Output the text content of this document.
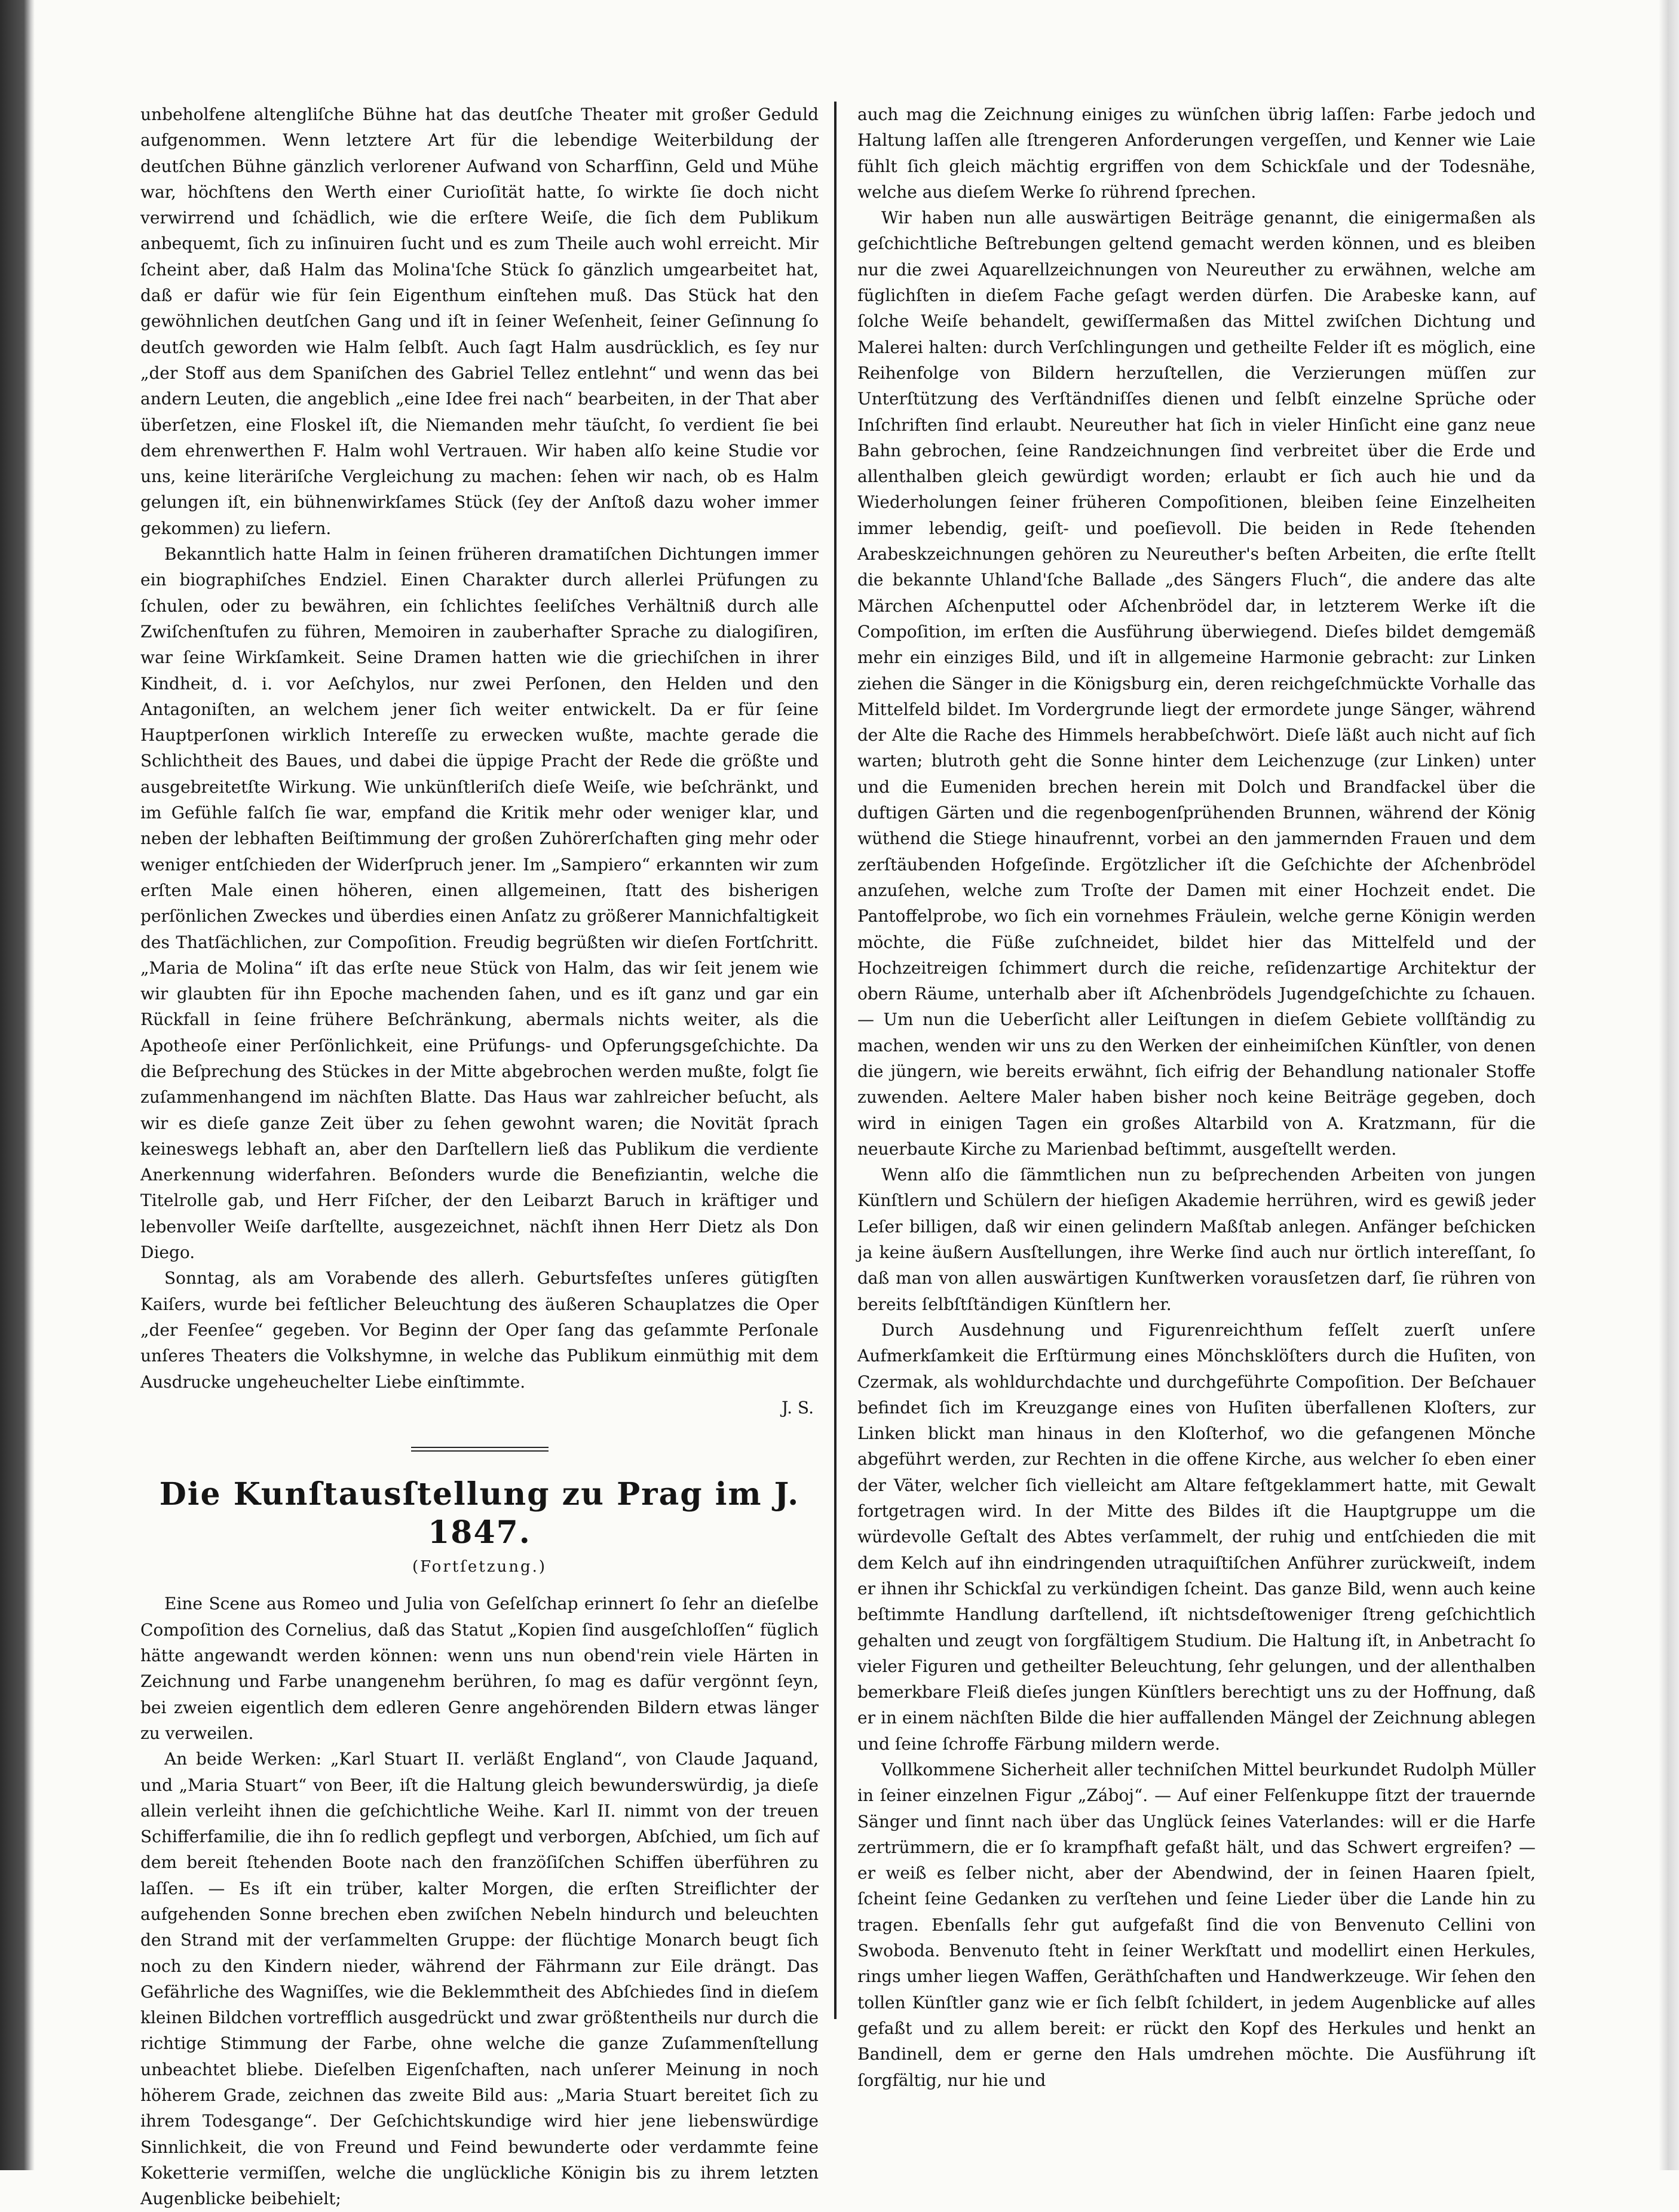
unbeholfene altengliſche Bühne hat das deutſche Theater mit großer Geduld aufgenommen. Wenn letztere Art für die lebendige Weiterbildung der deutſchen Bühne gänzlich verlorener Aufwand von Scharfſinn, Geld und Mühe war, höchſtens den Werth einer Curioſität hatte, ſo wirkte ſie doch nicht verwirrend und ſchädlich, wie die erſtere Weiſe, die ſich dem Publikum anbequemt, ſich zu inſinuiren ſucht und es zum Theile auch wohl erreicht. Mir ſcheint aber, daß Halm das Molina'ſche Stück ſo gänzlich umgearbeitet hat, daß er dafür wie für ſein Eigenthum einſtehen muß. Das Stück hat den gewöhnlichen deutſchen Gang und iſt in ſeiner Weſenheit, ſeiner Geſinnung ſo deutſch geworden wie Halm ſelbſt. Auch ſagt Halm ausdrücklich, es ſey nur „der Stoff aus dem Spaniſchen des Gabriel Tellez entlehnt“ und wenn das bei andern Leuten, die angeblich „eine Idee frei nach“ bearbeiten, in der That aber überſetzen, eine Floskel iſt, die Niemanden mehr täuſcht, ſo verdient ſie bei dem ehrenwerthen F. Halm wohl Vertrauen. Wir haben alſo keine Studie vor uns, keine literäriſche Vergleichung zu machen: ſehen wir nach, ob es Halm gelungen iſt, ein bühnenwirkſames Stück (ſey der Anſtoß dazu woher immer gekommen) zu liefern.

Bekanntlich hatte Halm in ſeinen früheren dramatiſchen Dichtungen immer ein biographiſches Endziel. Einen Charakter durch allerlei Prüfungen zu ſchulen, oder zu bewähren, ein ſchlichtes ſeeliſches Verhältniß durch alle Zwiſchenſtufen zu führen, Memoiren in zauberhafter Sprache zu dialogiſiren, war ſeine Wirkſamkeit. Seine Dramen hatten wie die griechiſchen in ihrer Kindheit, d. i. vor Aeſchylos, nur zwei Perſonen, den Helden und den Antagoniſten, an welchem jener ſich weiter entwickelt. Da er für ſeine Hauptperſonen wirklich Intereſſe zu erwecken wußte, machte gerade die Schlichtheit des Baues, und dabei die üppige Pracht der Rede die größte und ausgebreitetſte Wirkung. Wie unkünſtleriſch dieſe Weiſe, wie beſchränkt, und im Gefühle falſch ſie war, empfand die Kritik mehr oder weniger klar, und neben der lebhaften Beiſtimmung der großen Zuhörerſchaften ging mehr oder weniger entſchieden der Widerſpruch jener. Im „Sampiero“ erkannten wir zum erſten Male einen höheren, einen allgemeinen, ſtatt des bisherigen perſönlichen Zweckes und überdies einen Anſatz zu größerer Mannichfaltigkeit des Thatſächlichen, zur Compoſition. Freudig begrüßten wir dieſen Fortſchritt. „Maria de Molina“ iſt das erſte neue Stück von Halm, das wir ſeit jenem wie wir glaubten für ihn Epoche machenden ſahen, und es iſt ganz und gar ein Rückfall in ſeine frühere Beſchränkung, abermals nichts weiter, als die Apotheoſe einer Perſönlichkeit, eine Prüfungs- und Opferungsgeſchichte. Da die Beſprechung des Stückes in der Mitte abgebrochen werden mußte, folgt ſie zuſammenhangend im nächſten Blatte. Das Haus war zahlreicher beſucht, als wir es dieſe ganze Zeit über zu ſehen gewohnt waren; die Novität ſprach keineswegs lebhaft an, aber den Darſtellern ließ das Publikum die verdiente Anerkennung widerfahren. Beſonders wurde die Benefiziantin, welche die Titelrolle gab, und Herr Fiſcher, der den Leibarzt Baruch in kräftiger und lebenvoller Weiſe darſtellte, ausgezeichnet, nächſt ihnen Herr Dietz als Don Diego.

Sonntag, als am Vorabende des allerh. Geburtsfeſtes unſeres gütigſten Kaiſers, wurde bei feſtlicher Beleuchtung des äußeren Schauplatzes die Oper „der Feenſee“ gegeben. Vor Beginn der Oper ſang das geſammte Perſonale unſeres Theaters die Volkshymne, in welche das Publikum einmüthig mit dem Ausdrucke ungeheuchelter Liebe einſtimmte.

J. S.

Die Kunſtausſtellung zu Prag im J. 1847.
(Fortſetzung.)

Eine Scene aus Romeo und Julia von Geſelſchap erinnert ſo ſehr an dieſelbe Compoſition des Cornelius, daß das Statut „Kopien ſind ausgeſchloſſen“ füglich hätte angewandt werden können: wenn uns nun obend'rein viele Härten in Zeichnung und Farbe unangenehm berühren, ſo mag es dafür vergönnt ſeyn, bei zweien eigentlich dem edleren Genre angehörenden Bildern etwas länger zu verweilen.

An beide Werken: „Karl Stuart II. verläßt England“, von Claude Jaquand, und „Maria Stuart“ von Beer, iſt die Haltung gleich bewunderswürdig, ja dieſe allein verleiht ihnen die geſchichtliche Weihe. Karl II. nimmt von der treuen Schifferfamilie, die ihn ſo redlich gepflegt und verborgen, Abſchied, um ſich auf dem bereit ſtehenden Boote nach den franzöſiſchen Schiffen überführen zu laſſen. — Es iſt ein trüber, kalter Morgen, die erſten Streiflichter der aufgehenden Sonne brechen eben zwiſchen Nebeln hindurch und beleuchten den Strand mit der verſammelten Gruppe: der flüchtige Monarch beugt ſich noch zu den Kindern nieder, während der Fährmann zur Eile drängt. Das Gefährliche des Wagniſſes, wie die Beklemmtheit des Abſchiedes ſind in dieſem kleinen Bildchen vortrefflich ausgedrückt und zwar größtentheils nur durch die richtige Stimmung der Farbe, ohne welche die ganze Zuſammenſtellung unbeachtet bliebe. Dieſelben Eigenſchaften, nach unſerer Meinung in noch höherem Grade, zeichnen das zweite Bild aus: „Maria Stuart bereitet ſich zu ihrem Todesgange“. Der Geſchichtskundige wird hier jene liebenswürdige Sinnlichkeit, die von Freund und Feind bewunderte oder verdammte feine Koketterie vermiſſen, welche die unglückliche Königin bis zu ihrem letzten Augenblicke beibehielt;

auch mag die Zeichnung einiges zu wünſchen übrig laſſen: Farbe jedoch und Haltung laſſen alle ſtrengeren Anforderungen vergeſſen, und Kenner wie Laie fühlt ſich gleich mächtig ergriffen von dem Schickſale und der Todesnähe, welche aus dieſem Werke ſo rührend ſprechen.

Wir haben nun alle auswärtigen Beiträge genannt, die einigermaßen als geſchichtliche Beſtrebungen geltend gemacht werden können, und es bleiben nur die zwei Aquarellzeichnungen von Neureuther zu erwähnen, welche am füglichſten in dieſem Fache geſagt werden dürfen. Die Arabeske kann, auf ſolche Weiſe behandelt, gewiſſermaßen das Mittel zwiſchen Dichtung und Malerei halten: durch Verſchlingungen und getheilte Felder iſt es möglich, eine Reihenfolge von Bildern herzuſtellen, die Verzierungen müſſen zur Unterſtützung des Verſtändniſſes dienen und ſelbſt einzelne Sprüche oder Inſchriften ſind erlaubt. Neureuther hat ſich in vieler Hinſicht eine ganz neue Bahn gebrochen, ſeine Randzeichnungen ſind verbreitet über die Erde und allenthalben gleich gewürdigt worden; erlaubt er ſich auch hie und da Wiederholungen ſeiner früheren Compoſitionen, bleiben ſeine Einzelheiten immer lebendig, geiſt- und poeſievoll. Die beiden in Rede ſtehenden Arabeskzeichnungen gehören zu Neureuther's beſten Arbeiten, die erſte ſtellt die bekannte Uhland'ſche Ballade „des Sängers Fluch“, die andere das alte Märchen Aſchenputtel oder Aſchenbrödel dar, in letzterem Werke iſt die Compoſition, im erſten die Ausführung überwiegend. Dieſes bildet demgemäß mehr ein einziges Bild, und iſt in allgemeine Harmonie gebracht: zur Linken ziehen die Sänger in die Königsburg ein, deren reichgeſchmückte Vorhalle das Mittelfeld bildet. Im Vordergrunde liegt der ermordete junge Sänger, während der Alte die Rache des Himmels herabbeſchwört. Dieſe läßt auch nicht auf ſich warten; blutroth geht die Sonne hinter dem Leichenzuge (zur Linken) unter und die Eumeniden brechen herein mit Dolch und Brandfackel über die duftigen Gärten und die regenbogenſprühenden Brunnen, während der König wüthend die Stiege hinaufrennt, vorbei an den jammernden Frauen und dem zerſtäubenden Hofgeſinde. Ergötzlicher iſt die Geſchichte der Aſchenbrödel anzuſehen, welche zum Troſte der Damen mit einer Hochzeit endet. Die Pantoffelprobe, wo ſich ein vornehmes Fräulein, welche gerne Königin werden möchte, die Füße zuſchneidet, bildet hier das Mittelfeld und der Hochzeitreigen ſchimmert durch die reiche, reſidenzartige Architektur der obern Räume, unterhalb aber iſt Aſchenbrödels Jugendgeſchichte zu ſchauen. — Um nun die Ueberſicht aller Leiſtungen in dieſem Gebiete vollſtändig zu machen, wenden wir uns zu den Werken der einheimiſchen Künſtler, von denen die jüngern, wie bereits erwähnt, ſich eifrig der Behandlung nationaler Stoffe zuwenden. Aeltere Maler haben bisher noch keine Beiträge gegeben, doch wird in einigen Tagen ein großes Altarbild von A. Kratzmann, für die neuerbaute Kirche zu Marienbad beſtimmt, ausgeſtellt werden.

Wenn alſo die ſämmtlichen nun zu beſprechenden Arbeiten von jungen Künſtlern und Schülern der hieſigen Akademie herrühren, wird es gewiß jeder Leſer billigen, daß wir einen gelindern Maßſtab anlegen. Anfänger beſchicken ja keine äußern Ausſtellungen, ihre Werke ſind auch nur örtlich intereſſant, ſo daß man von allen auswärtigen Kunſtwerken vorausſetzen darf, ſie rühren von bereits ſelbſtſtändigen Künſtlern her.

Durch Ausdehnung und Figurenreichthum feſſelt zuerſt unſere Aufmerkſamkeit die Erſtürmung eines Mönchsklöſters durch die Huſiten, von Czermak, als wohldurchdachte und durchgeführte Compoſition. Der Beſchauer befindet ſich im Kreuzgange eines von Huſiten überfallenen Kloſters, zur Linken blickt man hinaus in den Kloſterhof, wo die gefangenen Mönche abgeführt werden, zur Rechten in die offene Kirche, aus welcher ſo eben einer der Väter, welcher ſich vielleicht am Altare feſtgeklammert hatte, mit Gewalt fortgetragen wird. In der Mitte des Bildes iſt die Hauptgruppe um die würdevolle Geſtalt des Abtes verſammelt, der ruhig und entſchieden die mit dem Kelch auf ihn eindringenden utraquiſtiſchen Anführer zurückweiſt, indem er ihnen ihr Schickſal zu verkündigen ſcheint. Das ganze Bild, wenn auch keine beſtimmte Handlung darſtellend, iſt nichtsdeſtoweniger ſtreng geſchichtlich gehalten und zeugt von ſorgfältigem Studium. Die Haltung iſt, in Anbetracht ſo vieler Figuren und getheilter Beleuchtung, ſehr gelungen, und der allenthalben bemerkbare Fleiß dieſes jungen Künſtlers berechtigt uns zu der Hoffnung, daß er in einem nächſten Bilde die hier auffallenden Mängel der Zeichnung ablegen und ſeine ſchroffe Färbung mildern werde.

Vollkommene Sicherheit aller techniſchen Mittel beurkundet Rudolph Müller in ſeiner einzelnen Figur „Záboj“. — Auf einer Felſenkuppe ſitzt der trauernde Sänger und ſinnt nach über das Unglück ſeines Vaterlandes: will er die Harfe zertrümmern, die er ſo krampfhaft gefaßt hält, und das Schwert ergreifen? — er weiß es ſelber nicht, aber der Abendwind, der in ſeinen Haaren ſpielt, ſcheint ſeine Gedanken zu verſtehen und ſeine Lieder über die Lande hin zu tragen. Ebenſalls ſehr gut aufgefaßt ſind die von Benvenuto Cellini von Swoboda. Benvenuto ſteht in ſeiner Werkſtatt und modellirt einen Herkules, rings umher liegen Waffen, Geräthſchaften und Handwerkzeuge. Wir ſehen den tollen Künſtler ganz wie er ſich ſelbſt ſchildert, in jedem Augenblicke auf alles gefaßt und zu allem bereit: er rückt den Kopf des Herkules und henkt an Bandinell, dem er gerne den Hals umdrehen möchte. Die Ausführung iſt ſorgfältig, nur hie und
